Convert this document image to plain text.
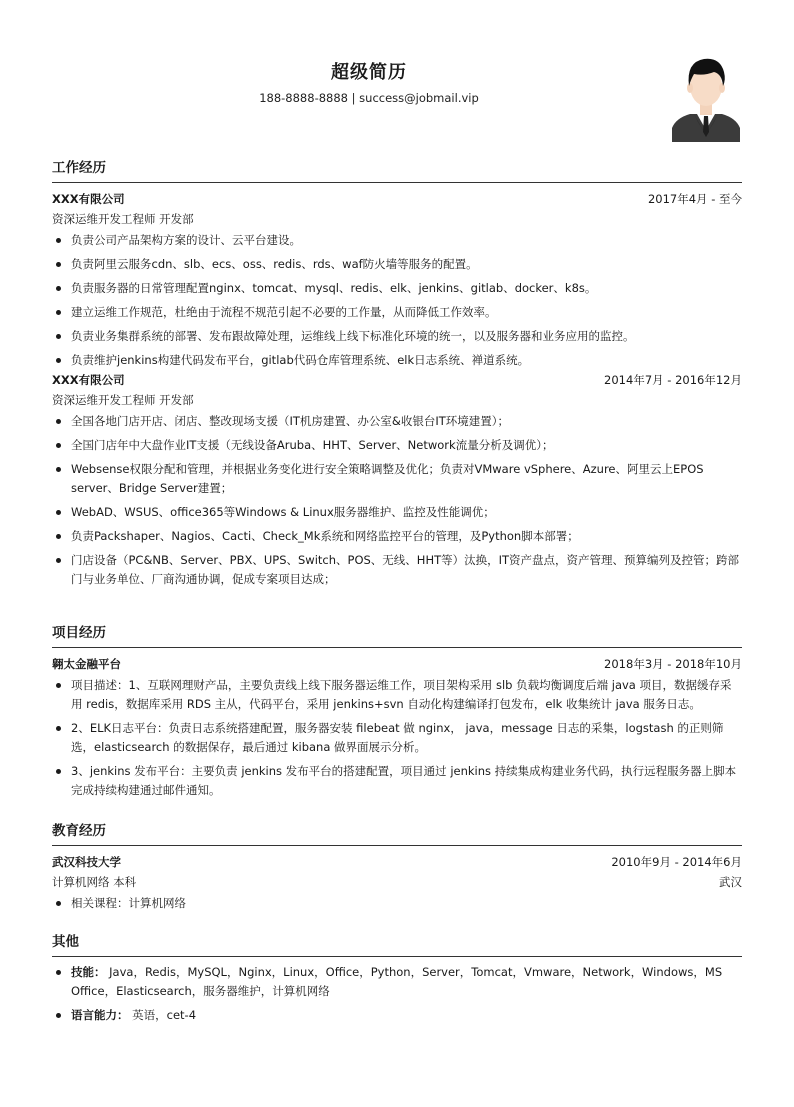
超级简历
188-8888-8888 | success@jobmail.vip
工作经历
XXX有限公司	2017年4月 - 至今
资深运维开发工程师 开发部
负责公司产品架构方案的设计、云平台建设。
负责阿里云服务cdn、slb、ecs、oss、redis、rds、waf防火墙等服务的配置。
负责服务器的日常管理配置nginx、tomcat、mysql、redis、elk、jenkins、gitlab、docker、k8s。
建立运维工作规范，杜绝由于流程不规范引起不必要的工作量，从而降低工作效率。
负责业务集群系统的部署、发布跟故障处理，运维线上线下标准化环境的统一，以及服务器和业务应用的监控。
负责维护jenkins构建代码发布平台，gitlab代码仓库管理系统、elk日志系统、禅道系统。
XXX有限公司	2014年7月 - 2016年12月
资深运维开发工程师 开发部
全国各地门店开店、闭店、整改现场支援（IT机房建置、办公室&收银台IT环境建置）；
全国门店年中大盘作业IT支援（无线设备Aruba、HHT、Server、Network流量分析及调优）；
Websense权限分配和管理，并根据业务变化进行安全策略调整及优化；负责对VMware vSphere、Azure、阿里云上EPOS server、Bridge Server建置；
WebAD、WSUS、office365等Windows & Linux服务器维护、监控及性能调优；
负责Packshaper、Nagios、Cacti、Check_Mk系统和网络监控平台的管理，及Python脚本部署；
门店设备（PC&NB、Server、PBX、UPS、Switch、POS、无线、HHT等）汰换，IT资产盘点，资产管理、预算编列及控管；跨部门与业务单位、厂商沟通协调，促成专案项目达成；
项目经历
翱太金融平台	2018年3月 - 2018年10月
项目描述：1、互联网理财产品，主要负责线上线下服务器运维工作，项目架构采用 slb 负载均衡调度后端 java 项目，数据缓存采用 redis，数据库采用 RDS 主从，代码平台，采用 jenkins+svn 自动化构建编译打包发布，elk 收集统计 java 服务日志。
2、ELK日志平台：负责日志系统搭建配置，服务器安装 filebeat 做 nginx， java，message 日志的采集，logstash 的正则筛选，elasticsearch 的数据保存，最后通过 kibana 做界面展示分析。
3、jenkins 发布平台：主要负责 jenkins 发布平台的搭建配置，项目通过 jenkins 持续集成构建业务代码，执行远程服务器上脚本完成持续构建通过邮件通知。
教育经历
武汉科技大学	2010年9月 - 2014年6月
计算机网络 本科	武汉
相关课程：计算机网络
其他
技能： Java，Redis，MySQL，Nginx，Linux，Office，Python，Server，Tomcat，Vmware，Network，Windows，MS Office，Elasticsearch，服务器维护，计算机网络
语言能力： 英语，cet-4
